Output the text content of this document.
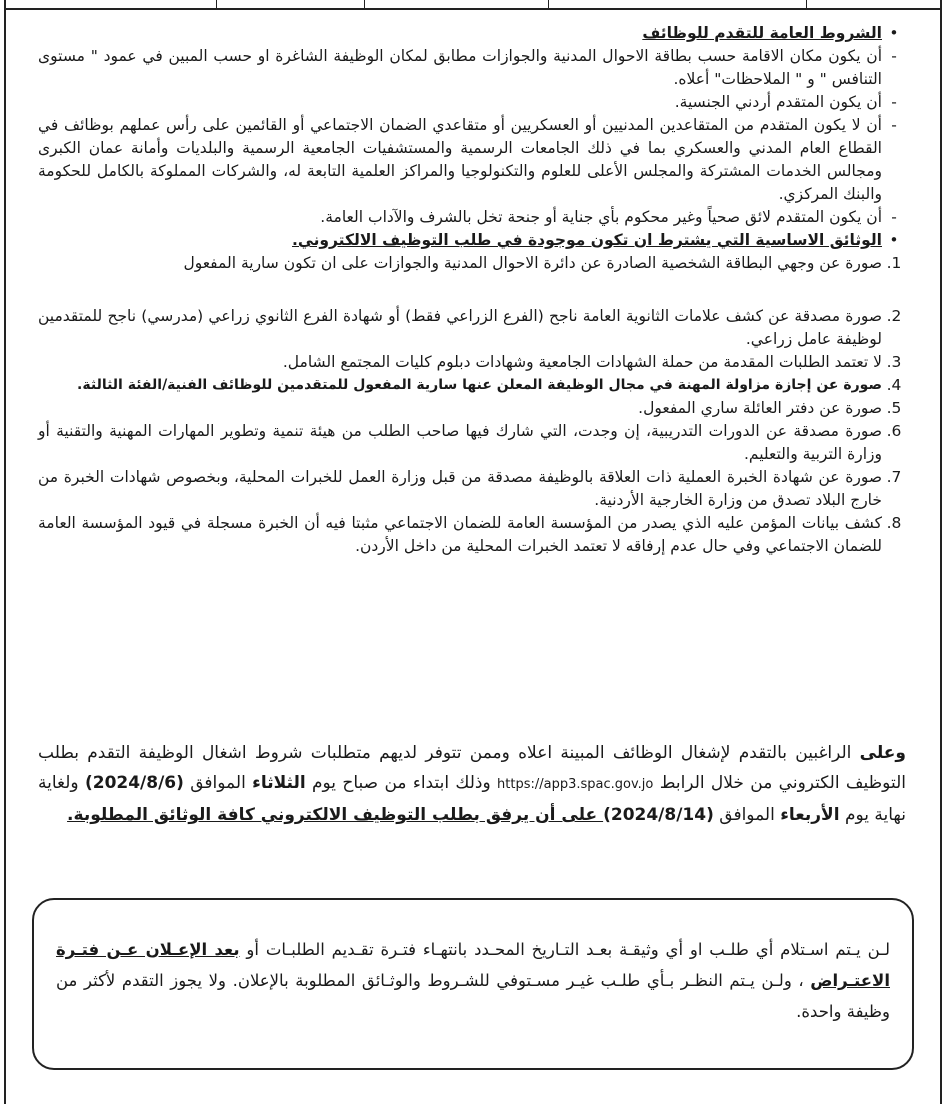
•
الشروط العامة للتقدم للوظائف
-
أن يكون مكان الاقامة حسب بطاقة الاحوال المدنية والجوازات مطابق لمكان الوظيفة الشاغرة او حسب المبين في عمود " مستوى التنافس " و " الملاحظات" أعلاه.
-
أن يكون المتقدم أردني الجنسية.
-
أن لا يكون المتقدم من المتقاعدين المدنيين أو العسكريين أو متقاعدي الضمان الاجتماعي أو القائمين على رأس عملهم بوظائف في القطاع العام المدني والعسكري بما في ذلك الجامعات الرسمية والمستشفيات الجامعية الرسمية والبلديات وأمانة عمان الكبرى ومجالس الخدمات المشتركة والمجلس الأعلى للعلوم والتكنولوجيا والمراكز العلمية التابعة له، والشركات المملوكة بالكامل للحكومة والبنك المركزي.
-
أن يكون المتقدم لائق صحياً وغير محكوم بأي جناية أو جنحة تخل بالشرف والآداب العامة.
•
الوثائق الاساسية التي يشترط ان تكون موجودة في طلب التوظيف الالكتروني.
1.
صورة عن وجهي البطاقة الشخصية الصادرة عن دائرة الاحوال المدنية والجوازات على ان تكون سارية المفعول
2.
صورة مصدقة عن كشف علامات الثانوية العامة ناجح (الفرع الزراعي فقط) أو شهادة الفرع الثانوي زراعي (مدرسي) ناجح للمتقدمين لوظيفة عامل زراعي.
3.
لا تعتمد الطلبات المقدمة من حملة الشهادات الجامعية وشهادات دبلوم كليات المجتمع الشامل.
4.
صورة عن إجازة مزاولة المهنة في مجال الوظيفة المعلن عنها سارية المفعول للمتقدمين للوظائف الفنية/الفئة الثالثة.
5.
صورة عن دفتر العائلة ساري المفعول.
6.
صورة مصدقة عن الدورات التدريبية، إن وجدت، التي شارك فيها صاحب الطلب من هيئة تنمية وتطوير المهارات المهنية والتقنية أو وزارة التربية والتعليم.
7.
صورة عن شهادة الخبرة العملية ذات العلاقة بالوظيفة مصدقة من قبل وزارة العمل للخبرات المحلية، وبخصوص شهادات الخبرة من خارج البلاد تصدق من وزارة الخارجية الأردنية.
8.
كشف بيانات المؤمن عليه الذي يصدر من المؤسسة العامة للضمان الاجتماعي مثبتا فيه أن الخبرة مسجلة في قيود المؤسسة العامة للضمان الاجتماعي وفي حال عدم إرفاقه لا تعتمد الخبرات المحلية من داخل الأردن.
وعلى الراغبين بالتقدم لإشغال الوظائف المبينة اعلاه وممن تتوفر لديهم متطلبات شروط اشغال الوظيفة التقدم بطلب التوظيف الكتروني من خلال الرابط https://app3.spac.gov.jo وذلك ابتداء من صباح يوم الثلاثاء الموافق (2024/8/6) ولغاية نهاية يوم الأربعاء الموافق (2024/8/14) على أن يرفق بطلب التوظيف الالكتروني كافة الوثائق المطلوبة.
لـن يـتم اسـتلام أي طلـب او أي وثيقـة بعـد التـاريخ المحـدد بانتهـاء فتـرة تقـديم الطلبـات أو بعد الإعـلان عـن فتـرة الاعتـراض ، ولـن يـتم النظـر بـأي طلـب غيـر مسـتوفي للشـروط والوثـائق المطلوبة بالإعلان. ولا يجوز التقدم لأكثر من وظيفة واحدة.
